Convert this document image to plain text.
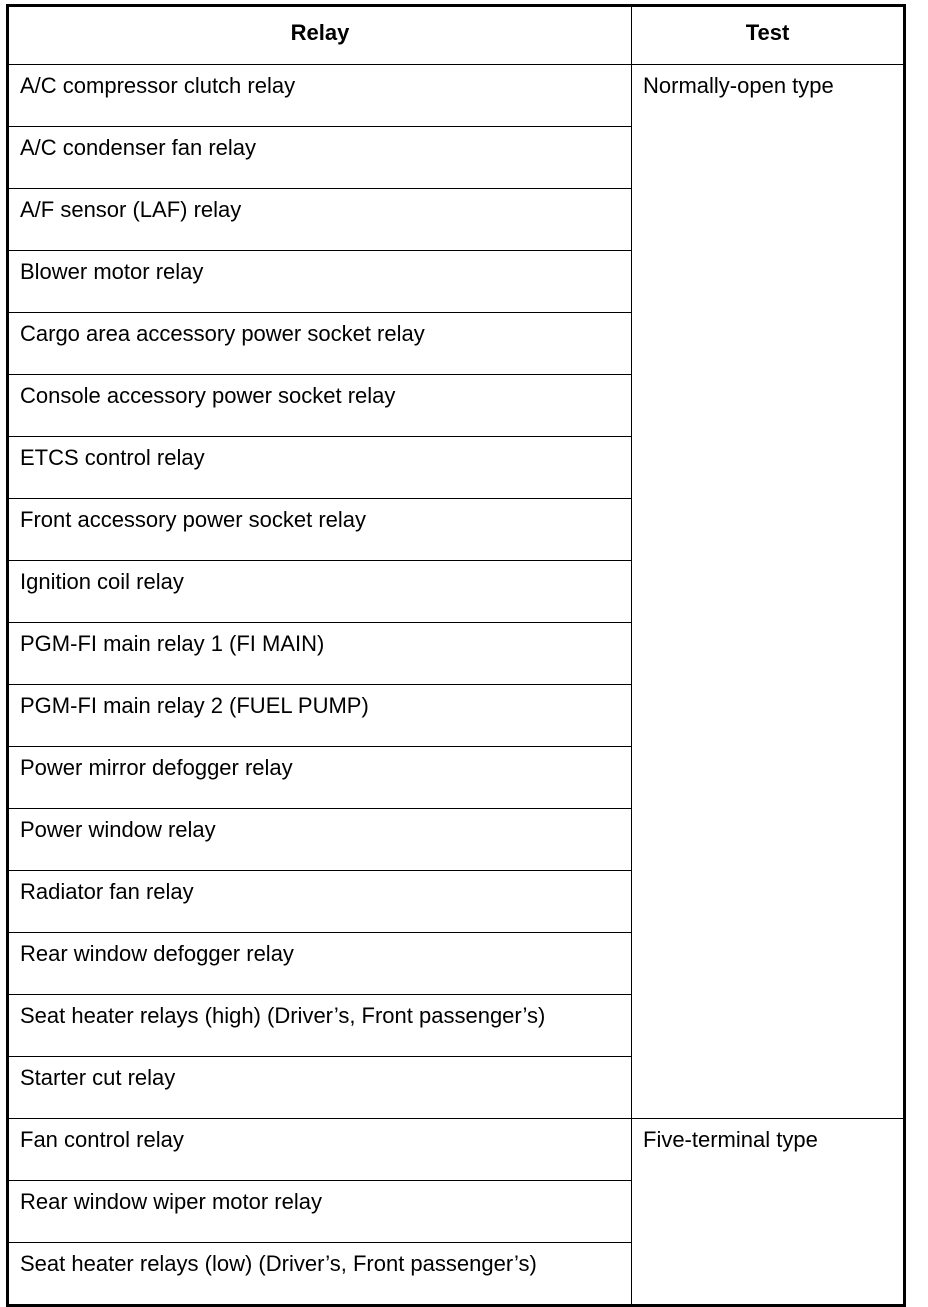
Relay	Test
A/C compressor clutch relay	Normally-open type
A/C condenser fan relay	
A/F sensor (LAF) relay	
Blower motor relay	
Cargo area accessory power socket relay	
Console accessory power socket relay	
ETCS control relay	
Front accessory power socket relay	
Ignition coil relay	
PGM-FI main relay 1 (FI MAIN)	
PGM-FI main relay 2 (FUEL PUMP)	
Power mirror defogger relay	
Power window relay	
Radiator fan relay	
Rear window defogger relay	
Seat heater relays (high) (Driver’s, Front passenger’s)	
Starter cut relay	
Fan control relay	Five-terminal type
Rear window wiper motor relay	
Seat heater relays (low) (Driver’s, Front passenger’s)	
